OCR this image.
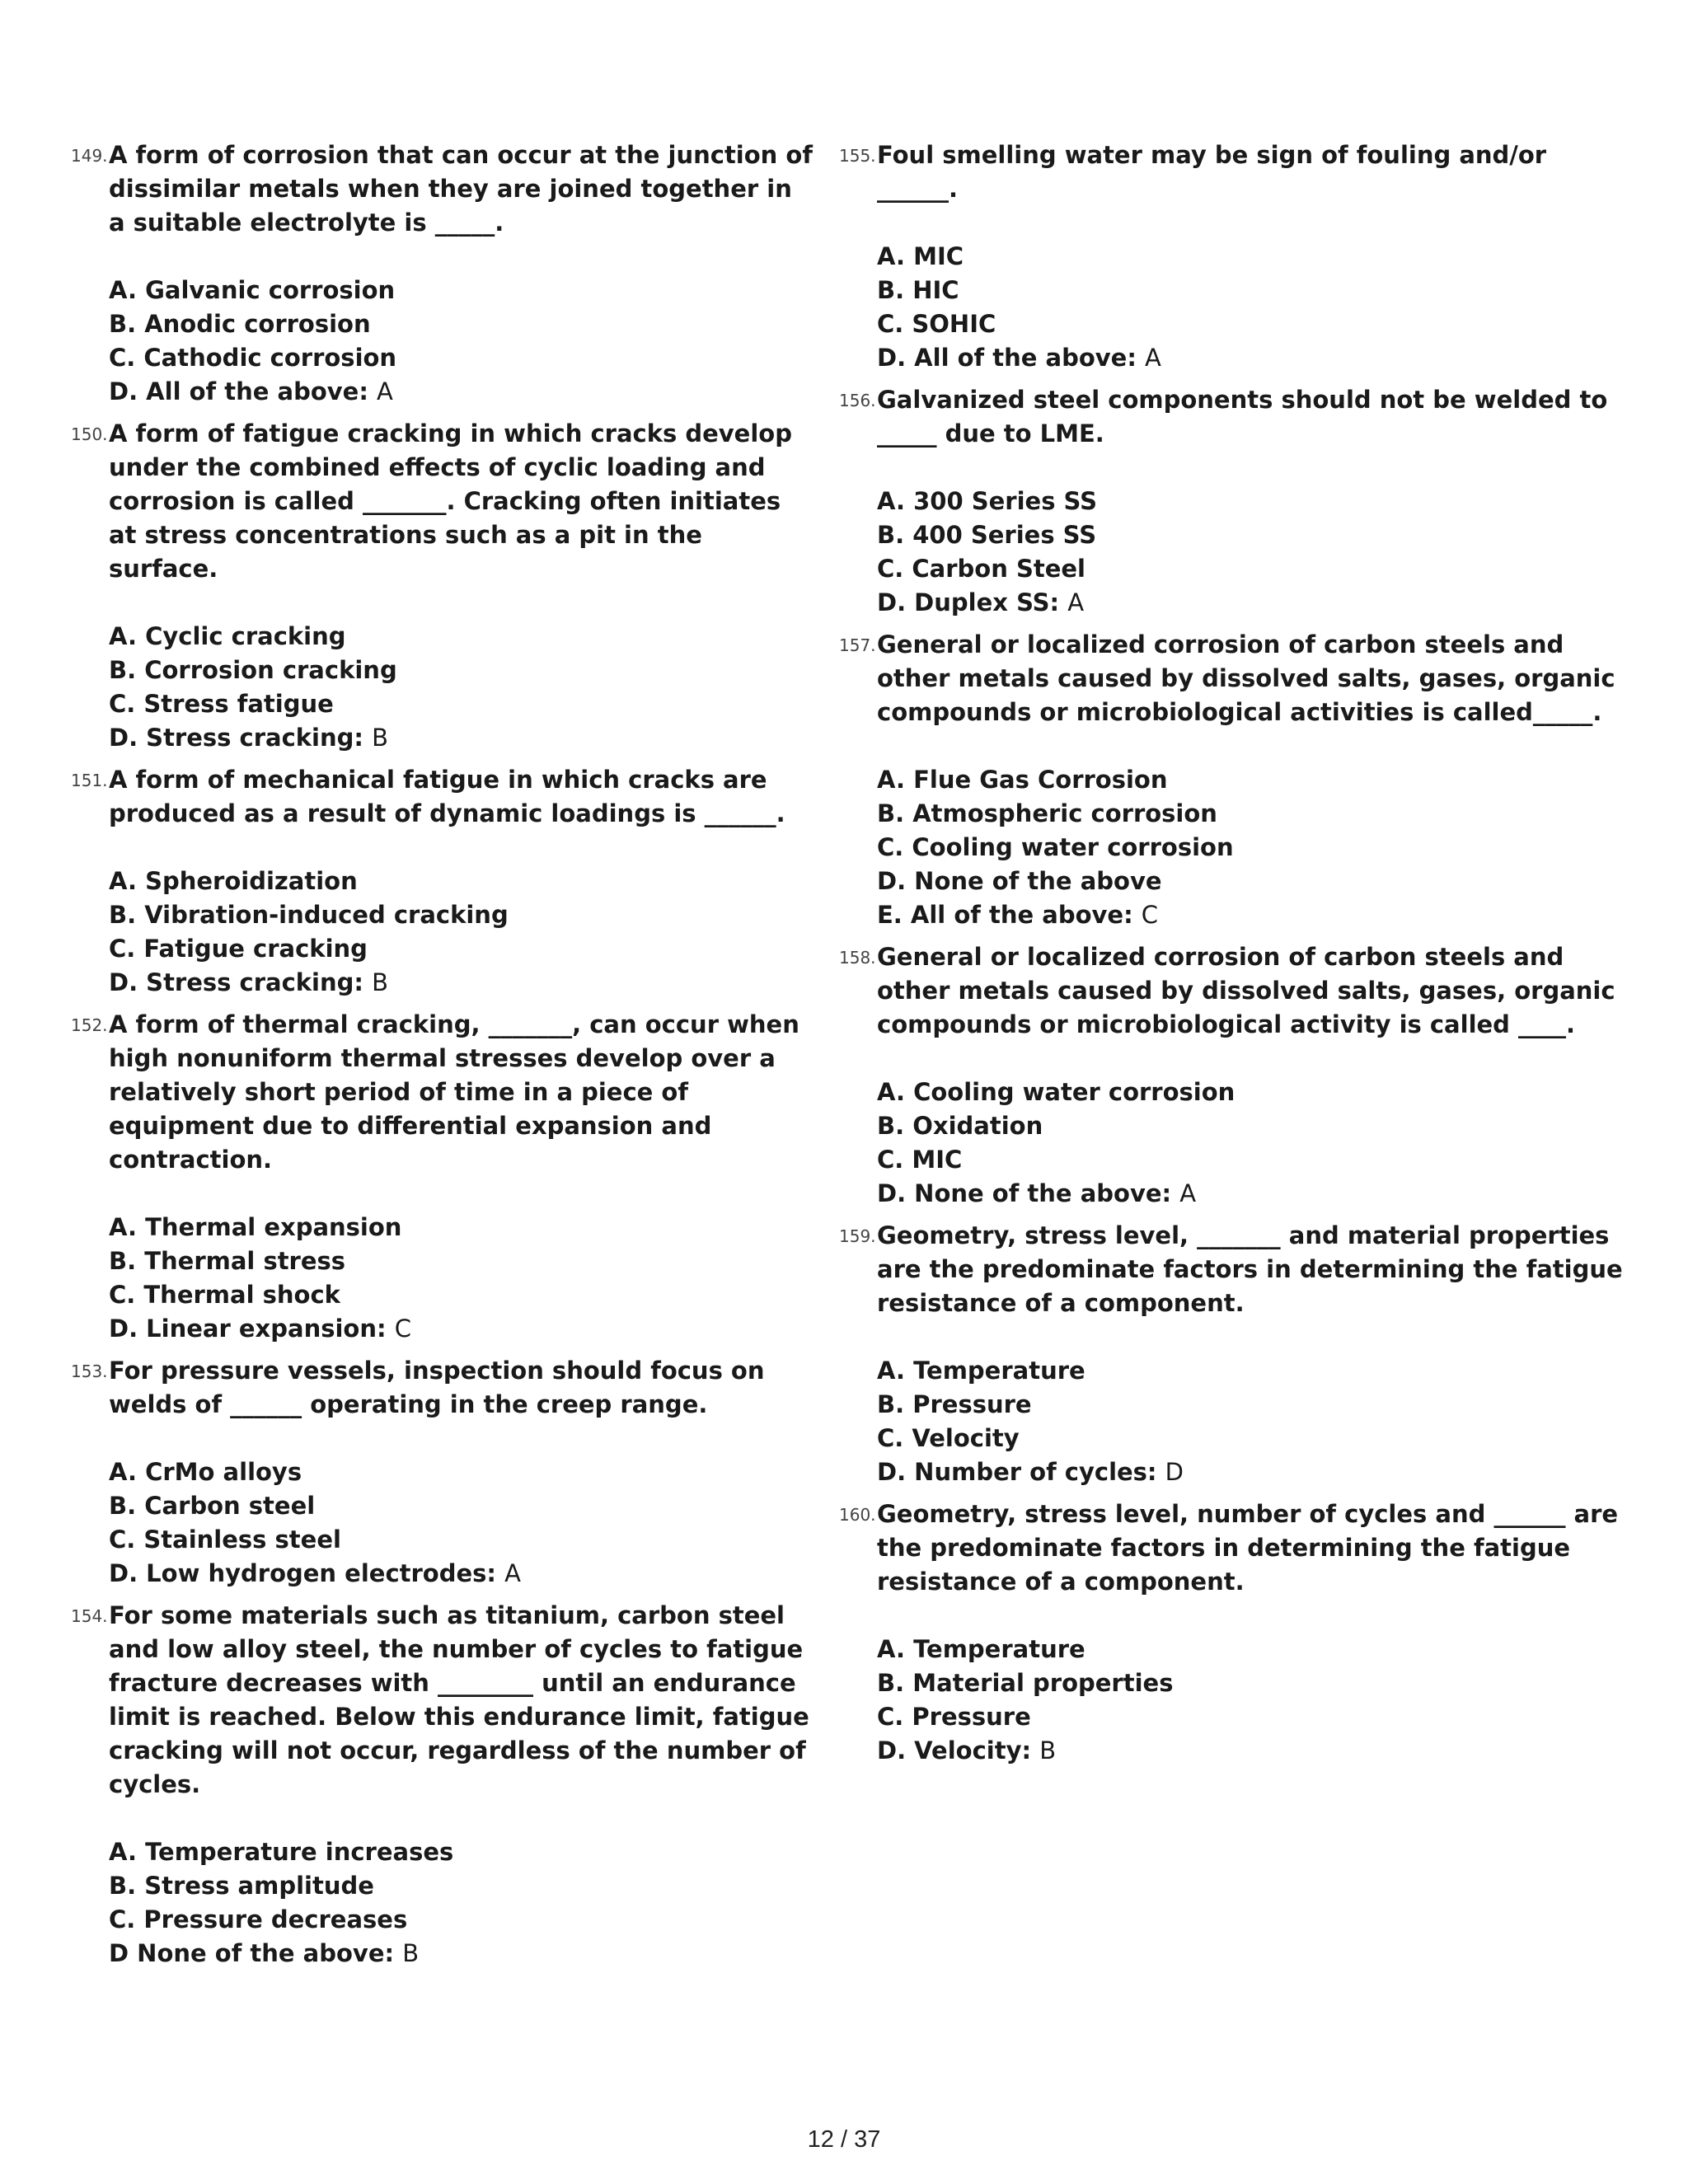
149. A form of corrosion that can occur at the junction of dissimilar metals when they are joined together in a suitable electrolyte is _____.

A. Galvanic corrosion
B. Anodic corrosion
C. Cathodic corrosion
D. All of the above: A
150. A form of fatigue cracking in which cracks develop under the combined effects of cyclic loading and corrosion is called _______. Cracking often initiates at stress concentrations such as a pit in the surface.

A. Cyclic cracking
B. Corrosion cracking
C. Stress fatigue
D. Stress cracking: B
151. A form of mechanical fatigue in which cracks are produced as a result of dynamic loadings is ______.

A. Spheroidization
B. Vibration-induced cracking
C. Fatigue cracking
D. Stress cracking: B
152. A form of thermal cracking, _______, can occur when high nonuniform thermal stresses develop over a relatively short period of time in a piece of equipment due to differential expansion and contraction.

A. Thermal expansion
B. Thermal stress
C. Thermal shock
D. Linear expansion: C
153. For pressure vessels, inspection should focus on welds of ______ operating in the creep range.

A. CrMo alloys
B. Carbon steel
C. Stainless steel
D. Low hydrogen electrodes: A
154. For some materials such as titanium, carbon steel and low alloy steel, the number of cycles to fatigue fracture decreases with ________ until an endurance limit is reached. Below this endurance limit, fatigue cracking will not occur, regardless of the number of cycles.

A. Temperature increases
B. Stress amplitude
C. Pressure decreases
D None of the above: B
155. Foul smelling water may be sign of fouling and/or ______.

A. MIC
B. HIC
C. SOHIC
D. All of the above: A
156. Galvanized steel components should not be welded to _____ due to LME.

A. 300 Series SS
B. 400 Series SS
C. Carbon Steel
D. Duplex SS: A
157. General or localized corrosion of carbon steels and other metals caused by dissolved salts, gases, organic compounds or microbiological activities is called_____.

A. Flue Gas Corrosion
B. Atmospheric corrosion
C. Cooling water corrosion
D. None of the above
E. All of the above: C
158. General or localized corrosion of carbon steels and other metals caused by dissolved salts, gases, organic compounds or microbiological activity is called ____.

A. Cooling water corrosion
B. Oxidation
C. MIC
D. None of the above: A
159. Geometry, stress level, _______ and material properties are the predominate factors in determining the fatigue resistance of a component.

A. Temperature
B. Pressure
C. Velocity
D. Number of cycles: D
160. Geometry, stress level, number of cycles and ______ are the predominate factors in determining the fatigue resistance of a component.

A. Temperature
B. Material properties
C. Pressure
D. Velocity: B
12 / 37
